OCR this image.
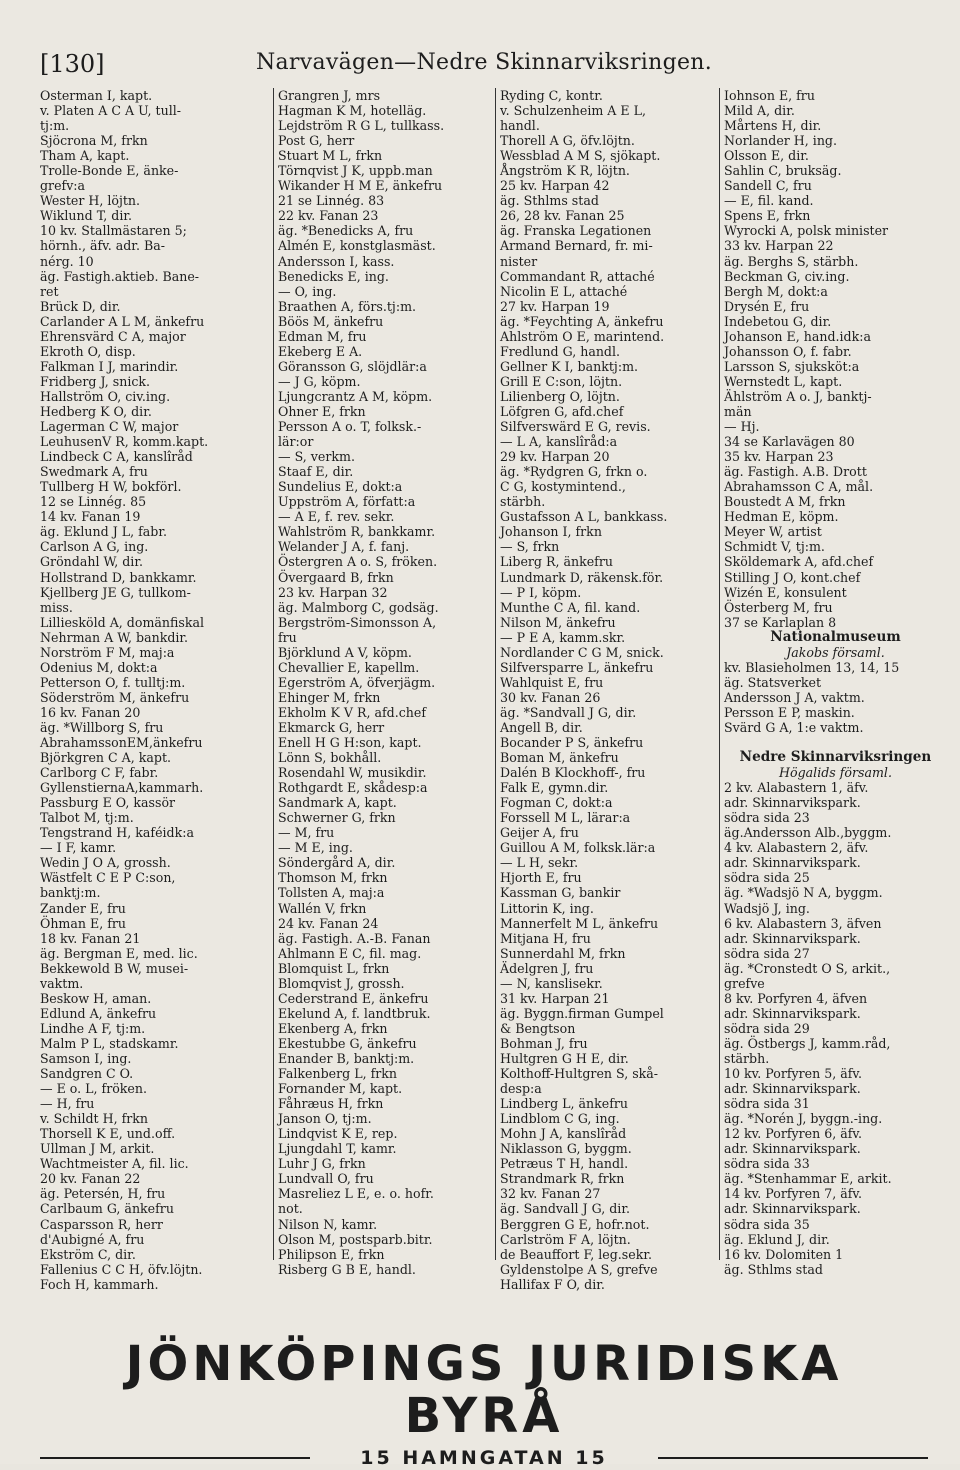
[130]	Narvavägen—Nedre Skinnarviksringen.
Osterman I, kapt.
v. Platen A C A U, tull-
tj:m.
Sjöcrona M, frkn
Tham A, kapt.
Trolle-Bonde E, änke-
grefv:a
Wester H, löjtn.
Wiklund T, dir.
10 kv. Stallmästaren 5;
hörnh., äfv. adr. Ba-
nérg. 10
äg. Fastigh.aktieb. Bane-
ret
Brück D, dir.
Carlander A L M, änkefru
Ehrensvärd C A, major
Ekroth O, disp.
Falkman I J, marindir.
Fridberg J, snick.
Hallström O, civ.ing.
Hedberg K O, dir.
Lagerman C W, major
LeuhusenV R, komm.kapt.
Lindbeck C A, kanslîråd
Swedmark A, fru
Tullberg H W, bokförl.
12 se Linnég. 85
14 kv. Fanan 19
äg. Eklund J L, fabr.
Carlson A G, ing.
Gröndahl W, dir.
Hollstrand D, bankkamr.
Kjellberg JE G, tullkom-
miss.
Lilliesköld A, domänfiskal
Nehrman A W, bankdir.
Norström F M, maj:a
Odenius M, dokt:a
Petterson O, f. tulltj:m.
Söderström M, änkefru
16 kv. Fanan 20
äg. *Willborg S, fru
AbrahamssonEM,änkefru
Björkgren C A, kapt.
Carlborg C F, fabr.
GyllenstiernaA,kammarh.
Passburg E O, kassör
Talbot M, tj:m.
Tengstrand H, kaféidk:a
— I F, kamr.
Wedin J O A, grossh.
Wästfelt C E P C:son,
banktj:m.
Zander E, fru
Öhman E, fru
18 kv. Fanan 21
äg. Bergman E, med. lic.
Bekkewold B W, musei-
vaktm.
Beskow H, aman.
Edlund A, änkefru
Lindhe A F, tj:m.
Malm P L, stadskamr.
Samson I, ing.
Sandgren C O.
— E o. L, fröken.
— H, fru
v. Schildt H, frkn
Thorsell K E, und.off.
Ullman J M, arkit.
Wachtmeister A, fil. lic.
20 kv. Fanan 22
äg. Petersén, H, fru
Carlbaum G, änkefru
Casparsson R, herr
d'Aubigné A, fru
Ekström C, dir.
Fallenius C C H, öfv.löjtn.
Foch H, kammarh.
Grangren J, mrs
Hagman K M, hotelläg.
Lejdström R G L, tullkass.
Post G, herr
Stuart M L, frkn
Törnqvist J K, uppb.man
Wikander H M E, änkefru
21 se Linnég. 83
22 kv. Fanan 23
äg. *Benedicks A, fru
Almén E, konstglasmäst.
Andersson I, kass.
Benedicks E, ing.
— O, ing.
Braathen A, förs.tj:m.
Böös M, änkefru
Edman M, fru
Ekeberg E A.
Göransson G, slöjdlär:a
— J G, köpm.
Ljungcrantz A M, köpm.
Ohner E, frkn
Persson A o. T, folksk.-
lär:or
— S, verkm.
Staaf E, dir.
Sundelius E, dokt:a
Uppström A, författ:a
— A E, f. rev. sekr.
Wahlström R, bankkamr.
Welander J A, f. fanj.
Östergren A o. S, fröken.
Övergaard B, frkn
23 kv. Harpan 32
äg. Malmborg C, godsäg.
Bergström-Simonsson A,
fru
Björklund A V, köpm.
Chevallier E, kapellm.
Egerström A, öfverjägm.
Ehinger M, frkn
Ekholm K V R, afd.chef
Ekmarck G, herr
Enell H G H:son, kapt.
Lönn S, bokhåll.
Rosendahl W, musikdir.
Rothgardt E, skådesp:a
Sandmark A, kapt.
Schwerner G, frkn
— M, fru
— M E, ing.
Söndergård A, dir.
Thomson M, frkn
Tollsten A, maj:a
Wallén V, frkn
24 kv. Fanan 24
äg. Fastigh. A.-B. Fanan
Ahlmann E C, fil. mag.
Blomquist L, frkn
Blomqvist J, grossh.
Cederstrand E, änkefru
Ekelund A, f. landtbruk.
Ekenberg A, frkn
Ekestubbe G, änkefru
Enander B, banktj:m.
Falkenberg L, frkn
Fornander M, kapt.
Fåhræus H, frkn
Janson O, tj:m.
Lindqvist K E, rep.
Ljungdahl T, kamr.
Luhr J G, frkn
Lundvall O, fru
Masreliez L E, e. o. hofr.
not.
Nilson N, kamr.
Olson M, postsparb.bitr.
Philipson E, frkn
Risberg G B E, handl.
Ryding C, kontr.
v. Schulzenheim A E L,
handl.
Thorell A G, öfv.löjtn.
Wessblad A M S, sjökapt.
Ångström K R, löjtn.
25 kv. Harpan 42
äg. Sthlms stad
26, 28 kv. Fanan 25
äg. Franska Legationen
Armand Bernard, fr. mi-
nister
Commandant R, attaché
Nicolin E L, attaché
27 kv. Harpan 19
äg. *Feychting A, änkefru
Ahlström O E, marintend.
Fredlund G, handl.
Gellner K I, banktj:m.
Grill E C:son, löjtn.
Lilienberg O, löjtn.
Löfgren G, afd.chef
Silfverswärd E G, revis.
— L A, kanslîråd:a
29 kv. Harpan 20
äg. *Rydgren G, frkn o.
C G, kostymintend.,
stärbh.
Gustafsson A L, bankkass.
Johanson I, frkn
— S, frkn
Liberg R, änkefru
Lundmark D, räkensk.för.
— P I, köpm.
Munthe C A, fil. kand.
Nilson M, änkefru
— P E A, kamm.skr.
Nordlander C G M, snick.
Silfversparre L, änkefru
Wahlquist E, fru
30 kv. Fanan 26
äg. *Sandvall J G, dir.
Angell B, dir.
Bocander P S, änkefru
Boman M, änkefru
Dalén B Klockhoff-, fru
Falk E, gymn.dir.
Fogman C, dokt:a
Forssell M L, lärar:a
Geijer A, fru
Guillou A M, folksk.lär:a
— L H, sekr.
Hjorth E, fru
Kassman G, bankir
Littorin K, ing.
Mannerfelt M L, änkefru
Mitjana H, fru
Sunnerdahl M, frkn
Ädelgren J, fru
— N, kanslisekr.
31 kv. Harpan 21
äg. Byggn.firman Gumpel
& Bengtson
Bohman J, fru
Hultgren G H E, dir.
Kolthoff-Hultgren S, skå-
desp:a
Lindberg L, änkefru
Lindblom C G, ing.
Mohn J A, kanslîråd
Niklasson G, byggm.
Petræus T H, handl.
Strandmark R, frkn
32 kv. Fanan 27
äg. Sandvall J G, dir.
Berggren G E, hofr.not.
Carlström F A, löjtn.
de Beauffort F, leg.sekr.
Gyldenstolpe A S, grefve
Hallifax F O, dir.
Iohnson E, fru
Mild A, dir.
Mårtens H, dir.
Norlander H, ing.
Olsson E, dir.
Sahlin C, bruksäg.
Sandell C, fru
— E, fil. kand.
Spens E, frkn
Wyrocki A, polsk minister
33 kv. Harpan 22
äg. Berghs S, stärbh.
Beckman G, civ.ing.
Bergh M, dokt:a
Drysén E, fru
Indebetou G, dir.
Johanson E, hand.idk:a
Johansson O, f. fabr.
Larsson S, sjuksköt:a
Wernstedt L, kapt.
Ählström A o. J, banktj-
män
— Hj.
34 se Karlavägen 80
35 kv. Harpan 23
äg. Fastigh. A.B. Drott
Abrahamsson C A, mål.
Boustedt A M, frkn
Hedman E, köpm.
Meyer W, artist
Schmidt V, tj:m.
Sköldemark A, afd.chef
Stilling J O, kont.chef
Wizén E, konsulent
Österberg M, fru
37 se Karlaplan 8
Nationalmuseum
Jakobs församl.
kv. Blasieholmen 13, 14, 15
äg. Statsverket
Andersson J A, vaktm.
Persson E P, maskin.
Svärd G A, 1:e vaktm.
Nedre Skinnarviksringen
Högalids församl.
2 kv. Alabastern 1, äfv.
adr. Skinnarvikspark.
södra sida 23
äg.Andersson Alb.,byggm.
4 kv. Alabastern 2, äfv.
adr. Skinnarvikspark.
södra sida 25
äg. *Wadsjö N A, byggm.
Wadsjö J, ing.
6 kv. Alabastern 3, äfven
adr. Skinnarvikspark.
södra sida 27
äg. *Cronstedt O S, arkit.,
grefve
8 kv. Porfyren 4, äfven
adr. Skinnarvikspark.
södra sida 29
äg. Östbergs J, kamm.råd,
stärbh.
10 kv. Porfyren 5, äfv.
adr. Skinnarvikspark.
södra sida 31
äg. *Norén J, byggn.-ing.
12 kv. Porfyren 6, äfv.
adr. Skinnarvikspark.
södra sida 33
äg. *Stenhammar E, arkit.
14 kv. Porfyren 7, äfv.
adr. Skinnarvikspark.
södra sida 35
äg. Eklund J, dir.
16 kv. Dolomiten 1
äg. Sthlms stad
JÖNKÖPINGS JURIDISKA BYRÅ
15 HAMNGATAN 15
